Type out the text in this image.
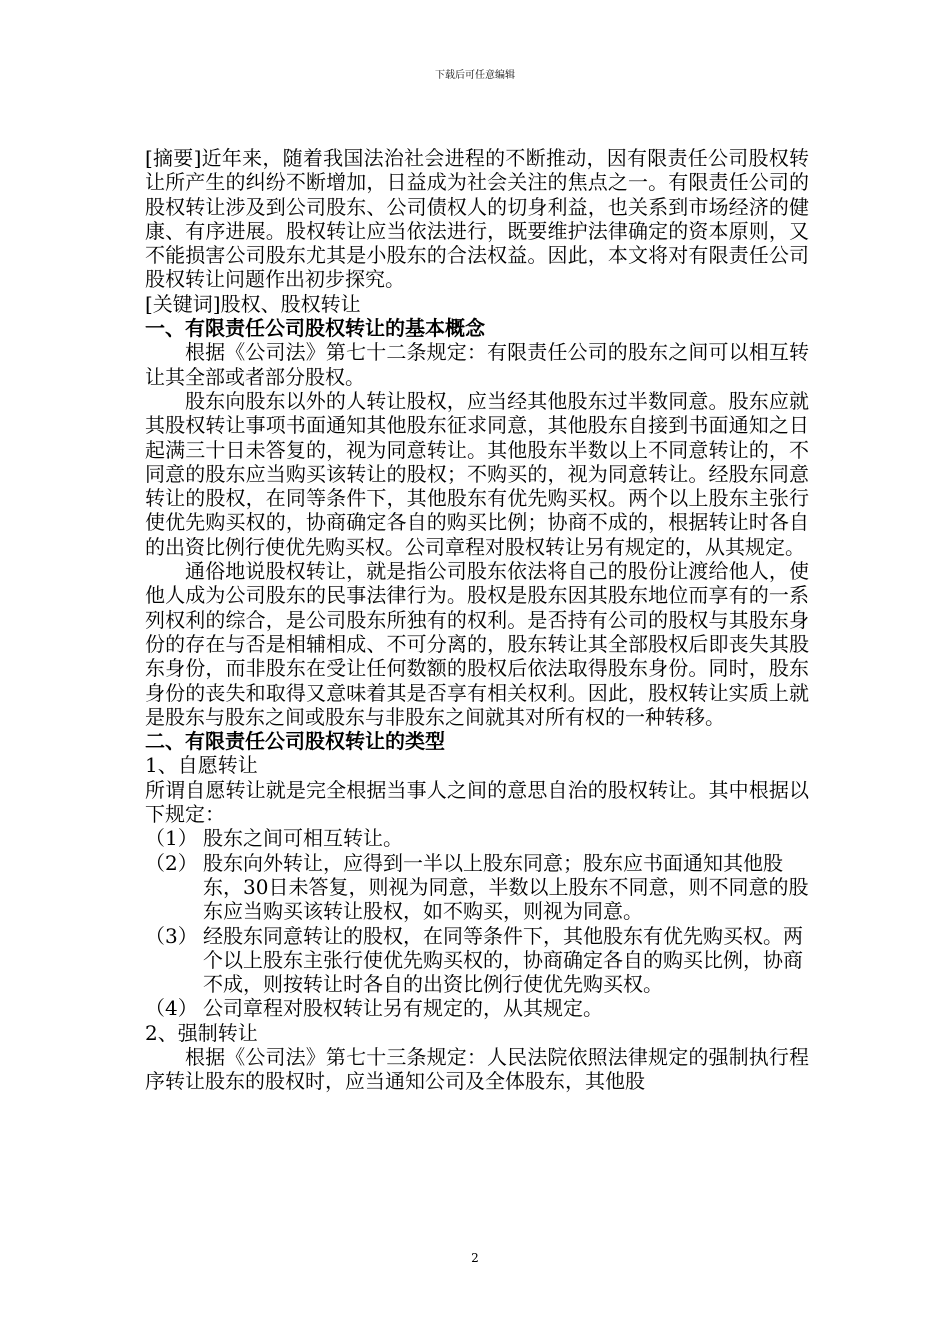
下载后可任意编辑

[摘要]近年来，随着我国法治社会进程的不断推动，因有限责任公司股权转让所产生的纠纷不断增加，日益成为社会关注的焦点之一。有限责任公司的股权转让涉及到公司股东、公司债权人的切身利益，也关系到市场经济的健康、有序进展。股权转让应当依法进行，既要维护法律确定的资本原则，又不能损害公司股东尤其是小股东的合法权益。因此，本文将对有限责任公司股权转让问题作出初步探究。

[关键词]股权、股权转让

一、有限责任公司股权转让的基本概念

根据《公司法》第七十二条规定：有限责任公司的股东之间可以相互转让其全部或者部分股权。

股东向股东以外的人转让股权，应当经其他股东过半数同意。股东应就其股权转让事项书面通知其他股东征求同意，其他股东自接到书面通知之日起满三十日未答复的，视为同意转让。其他股东半数以上不同意转让的，不同意的股东应当购买该转让的股权；不购买的，视为同意转让。经股东同意转让的股权，在同等条件下，其他股东有优先购买权。两个以上股东主张行使优先购买权的，协商确定各自的购买比例；协商不成的，根据转让时各自的出资比例行使优先购买权。公司章程对股权转让另有规定的，从其规定。

通俗地说股权转让，就是指公司股东依法将自己的股份让渡给他人，使他人成为公司股东的民事法律行为。股权是股东因其股东地位而享有的一系列权利的综合，是公司股东所独有的权利。是否持有公司的股权与其股东身份的存在与否是相辅相成、不可分离的，股东转让其全部股权后即丧失其股东身份，而非股东在受让任何数额的股权后依法取得股东身份。同时，股东身份的丧失和取得又意味着其是否享有相关权利。因此，股权转让实质上就是股东与股东之间或股东与非股东之间就其对所有权的一种转移。

二、有限责任公司股权转让的类型

1、自愿转让

所谓自愿转让就是完全根据当事人之间的意思自治的股权转让。其中根据以下规定：

（1） 股东之间可相互转让。
（2） 股东向外转让，应得到一半以上股东同意；股东应书面通知其他股东，30日未答复，则视为同意，半数以上股东不同意，则不同意的股东应当购买该转让股权，如不购买，则视为同意。
（3） 经股东同意转让的股权，在同等条件下，其他股东有优先购买权。两个以上股东主张行使优先购买权的，协商确定各自的购买比例，协商不成，则按转让时各自的出资比例行使优先购买权。
（4） 公司章程对股权转让另有规定的，从其规定。

2、强制转让

根据《公司法》第七十三条规定：人民法院依照法律规定的强制执行程序转让股东的股权时，应当通知公司及全体股东，其他股

2
